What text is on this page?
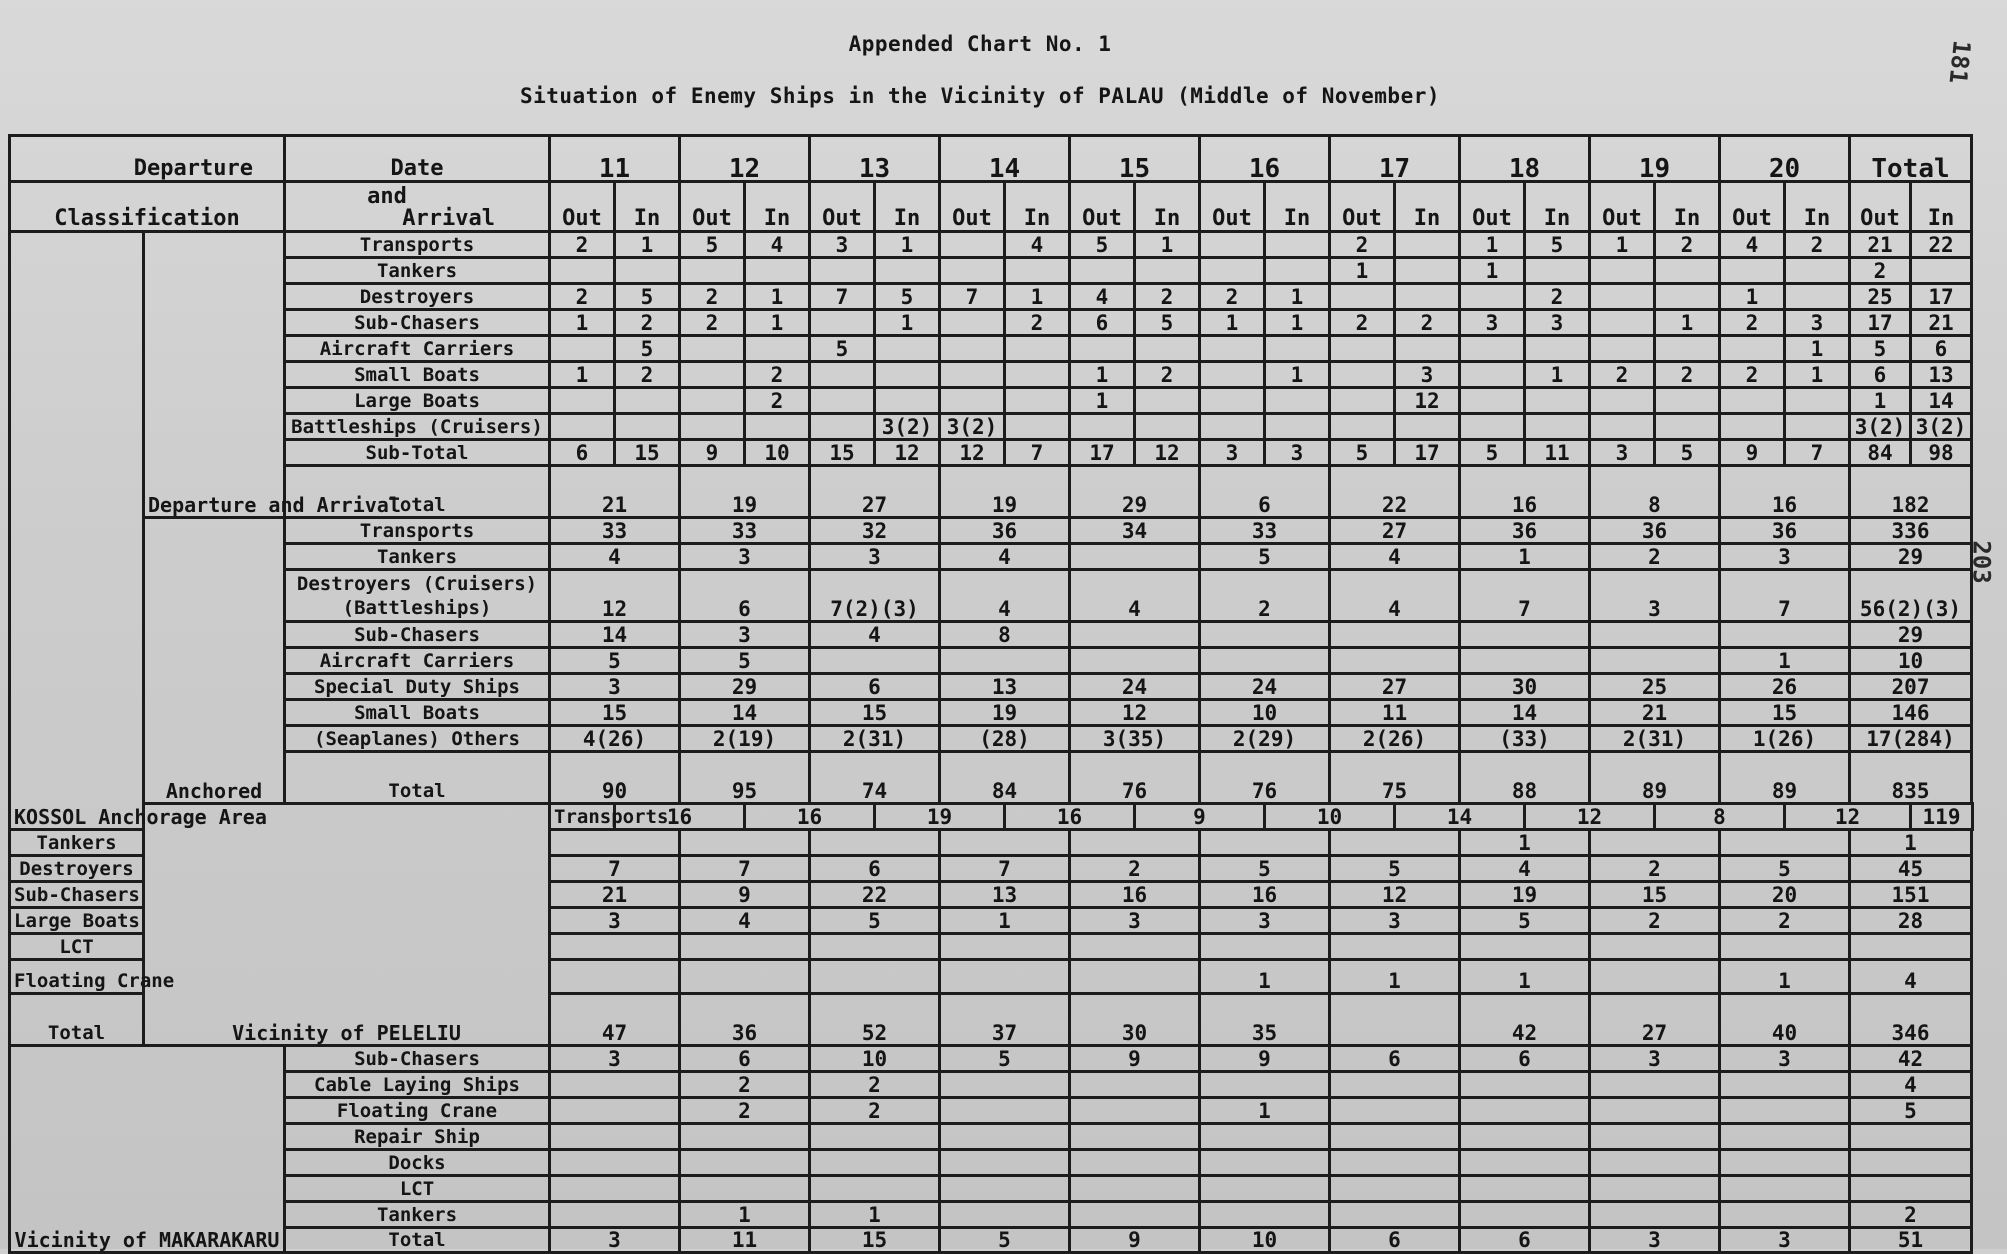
Appended Chart No. 1
Situation of Enemy Ships in the Vicinity of PALAU (Middle of November)
181
203
Departure		Date	11		12		13		14		15		16		17		18		19		20		Total	
Classification		and
Arrival	Out	In	Out	In	Out	In	Out	In	Out	In	Out	In	Out	In	Out	In	Out	In	Out	In	Out	In
KOSSOL Anchorage Area	Departure and Arrival	Transports	2	1	5	4	3	1		4	5	1			2		1	5	1	2	4	2	21	22
		Tankers													1		1						2	
		Destroyers	2	5	2	1	7	5	7	1	4	2	2	1				2			1		25	17
		Sub-Chasers	1	2	2	1		1		2	6	5	1	1	2	2	3	3		1	2	3	17	21
		Aircraft Carriers		5			5															1	5	6
		Small Boats	1	2		2					1	2		1		3		1	2	2	2	1	6	13
		Large Boats				2					1					12							1	14
		Battleships (Cruisers)						3(2)	3(2)														3(2)	3(2)
		Sub-Total	6	15	9	10	15	12	12	7	17	12	3	3	5	17	5	11	3	5	9	7	84	98
		Total	21		19		27		19		29		6		22		16		8		16		182	
	Anchored	Transports	33		33		32		36		34		33		27		36		36		36		336	
		Tankers	4		3		3		4				5		4		1		2		3		29	
		Destroyers (Cruisers) (Battleships)	12		6		7(2)(3)		4		4		2		4		7		3		7		56(2)(3)	
		Sub-Chasers	14		3		4		8														29	
		Aircraft Carriers	5		5																1		10	
		Special Duty Ships	3		29		6		13		24		24		27		30		25		26		207	
		Small Boats	15		14		15		19		12		10		11		14		21		15		146	
		(Seaplanes) Others	4(26)		2(19)		2(31)		(28)		3(35)		2(29)		2(26)		(33)		2(31)		1(26)		17(284)	
		Total	90		95		74		84		76		76		75		88		89		89		835	
	Vicinity of PELELIU		Transports	16		16		19		16		9		10		14		12		8		12		119
Tankers																	1						1	
Destroyers			7		7		6		7		2		5		5		4		2		5		45	
Sub-Chasers			21		9		22		13		16		16		12		19		15		20		151	
Large Boats			3		4		5		1		3		3		3		5		2		2		28	
LCT																								
Floating Crane													1		1		1				1		4	
Total			47		36		52		37		30		35				42		27		40		346	
Vicinity of MAKARAKARU		Sub-Chasers	3		6		10		5		9		9		6		6		3		3		42	
		Cable Laying Ships			2		2																4	
		Floating Crane			2		2						1										5	
		Repair Ship																						
		Docks																						
		LCT																						
		Tankers			1		1																2	
		Total	3		11		15		5		9		10		6		6		3		3		51	
